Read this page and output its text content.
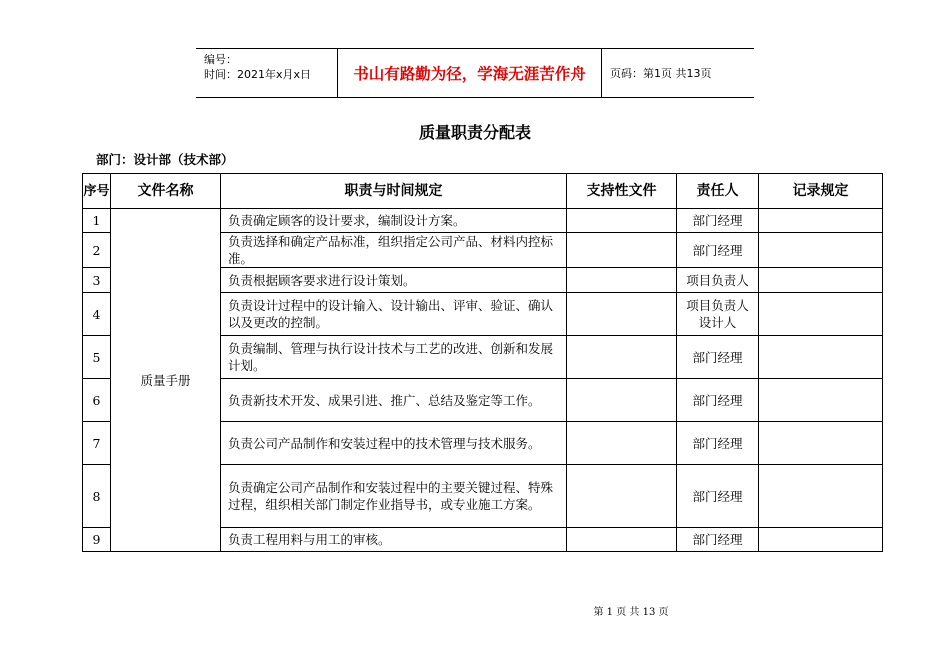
编号：
时间：2021年x月x日	书山有路勤为径，学海无涯苦作舟	页码：第1页 共13页
质量职责分配表
部门：设计部（技术部）
序号	文件名称	职责与时间规定	支持性文件	责任人	记录规定
1	质量手册	负责确定顾客的设计要求，编制设计方案。		部门经理	
2		负责选择和确定产品标准，组织指定公司产品、材料内控标准。		部门经理	
3		负责根据顾客要求进行设计策划。		项目负责人	
4		负责设计过程中的设计输入、设计输出、评审、验证、确认以及更改的控制。		项目负责人
设计人	
5		负责编制、管理与执行设计技术与工艺的改进、创新和发展计划。		部门经理	
6		负责新技术开发、成果引进、推广、总结及鉴定等工作。		部门经理	
7		负责公司产品制作和安装过程中的技术管理与技术服务。		部门经理	
8		负责确定公司产品制作和安装过程中的主要关键过程、特殊过程，组织相关部门制定作业指导书，或专业施工方案。		部门经理	
9		负责工程用料与用工的审核。		部门经理	
第 1 页 共 13 页
